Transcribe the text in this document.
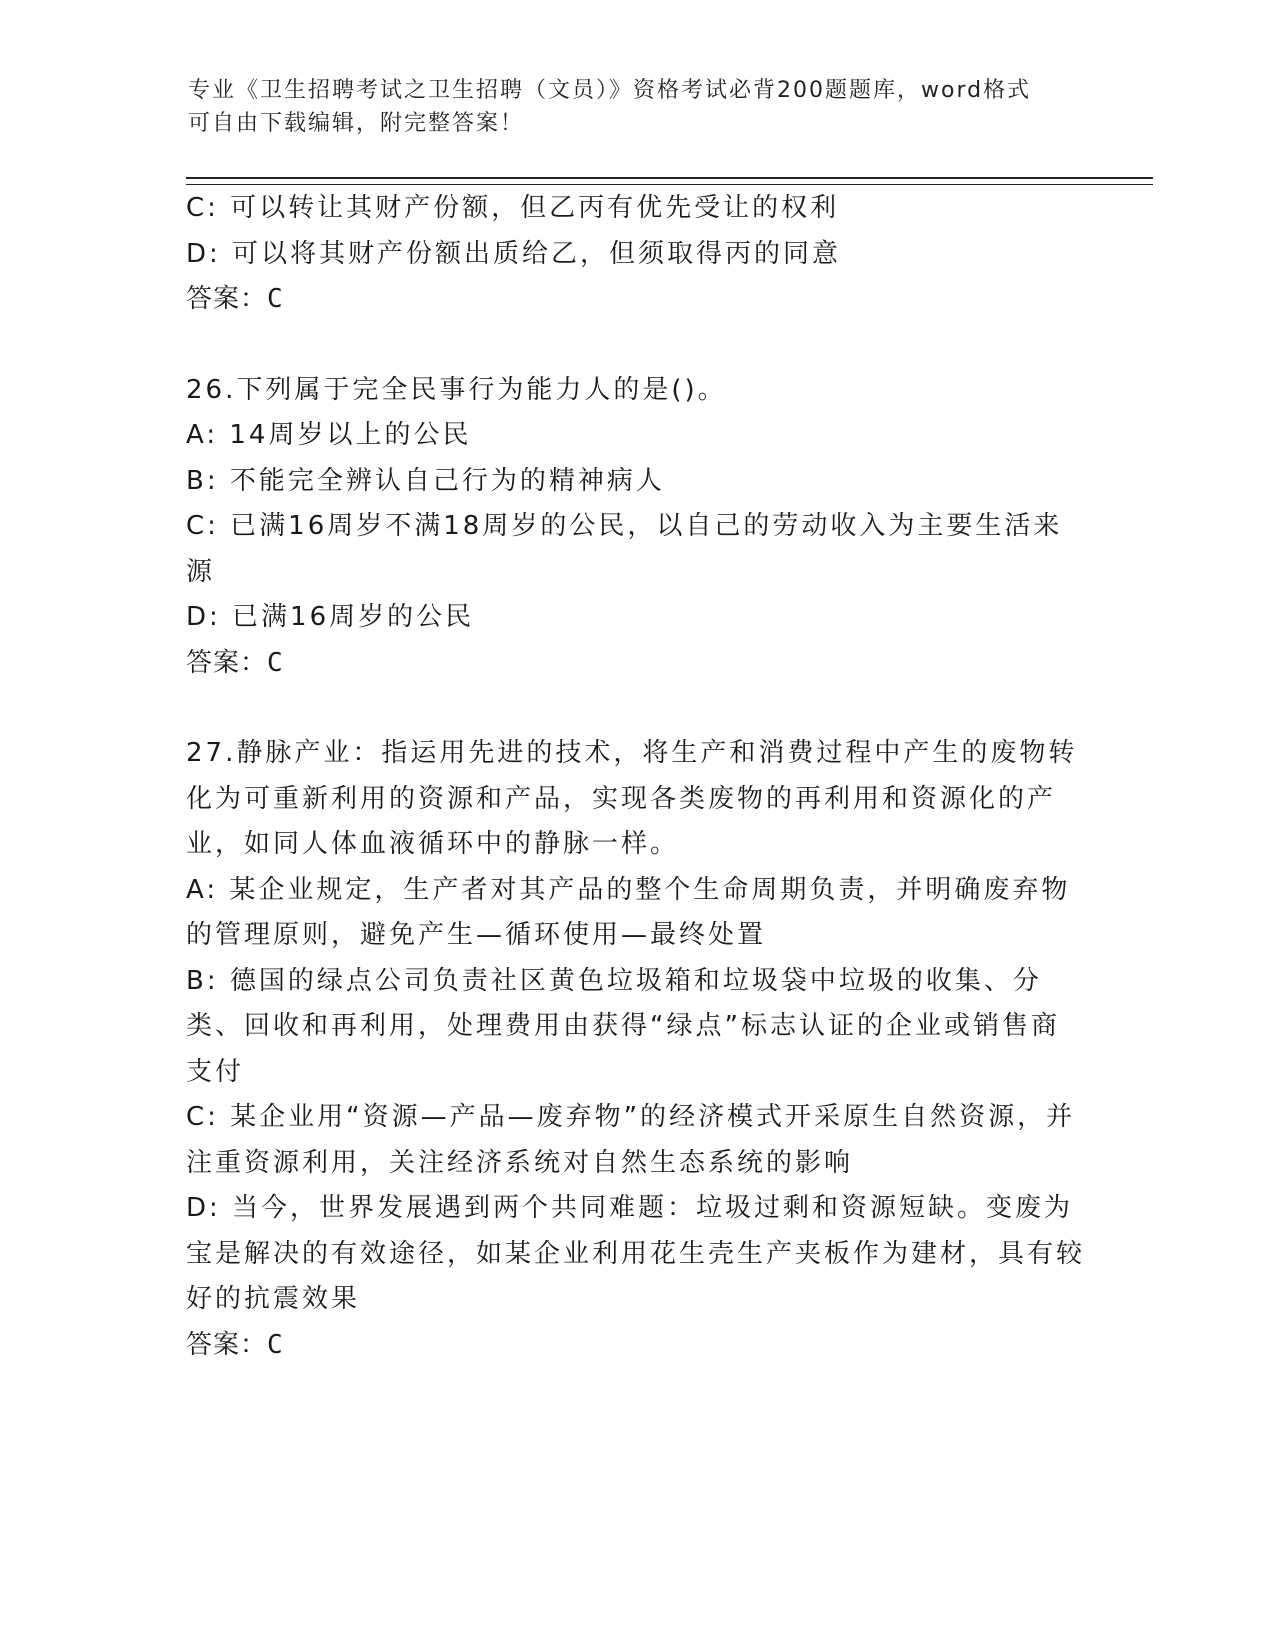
专业《卫生招聘考试之卫生招聘（文员）》资格考试必背200题题库，word格式
可自由下载编辑，附完整答案！

C: 可以转让其财产份额，但乙丙有优先受让的权利

D: 可以将其财产份额出质给乙，但须取得丙的同意

答案：C

26.下列属于完全民事行为能力人的是()。

A: 14周岁以上的公民

B: 不能完全辨认自己行为的精神病人

C: 已满16周岁不满18周岁的公民，以自己的劳动收入为主要生活来源

D: 已满16周岁的公民

答案：C

27.静脉产业：指运用先进的技术，将生产和消费过程中产生的废物转化为可重新利用的资源和产品，实现各类废物的再利用和资源化的产业，如同人体血液循环中的静脉一样。

A: 某企业规定，生产者对其产品的整个生命周期负责，并明确废弃物的管理原则，避免产生—循环使用—最终处置

B: 德国的绿点公司负责社区黄色垃圾箱和垃圾袋中垃圾的收集、分类、回收和再利用，处理费用由获得“绿点”标志认证的企业或销售商支付

C: 某企业用“资源—产品—废弃物”的经济模式开采原生自然资源，并注重资源利用，关注经济系统对自然生态系统的影响

D: 当今，世界发展遇到两个共同难题：垃圾过剩和资源短缺。变废为宝是解决的有效途径，如某企业利用花生壳生产夹板作为建材，具有较好的抗震效果

答案：C
